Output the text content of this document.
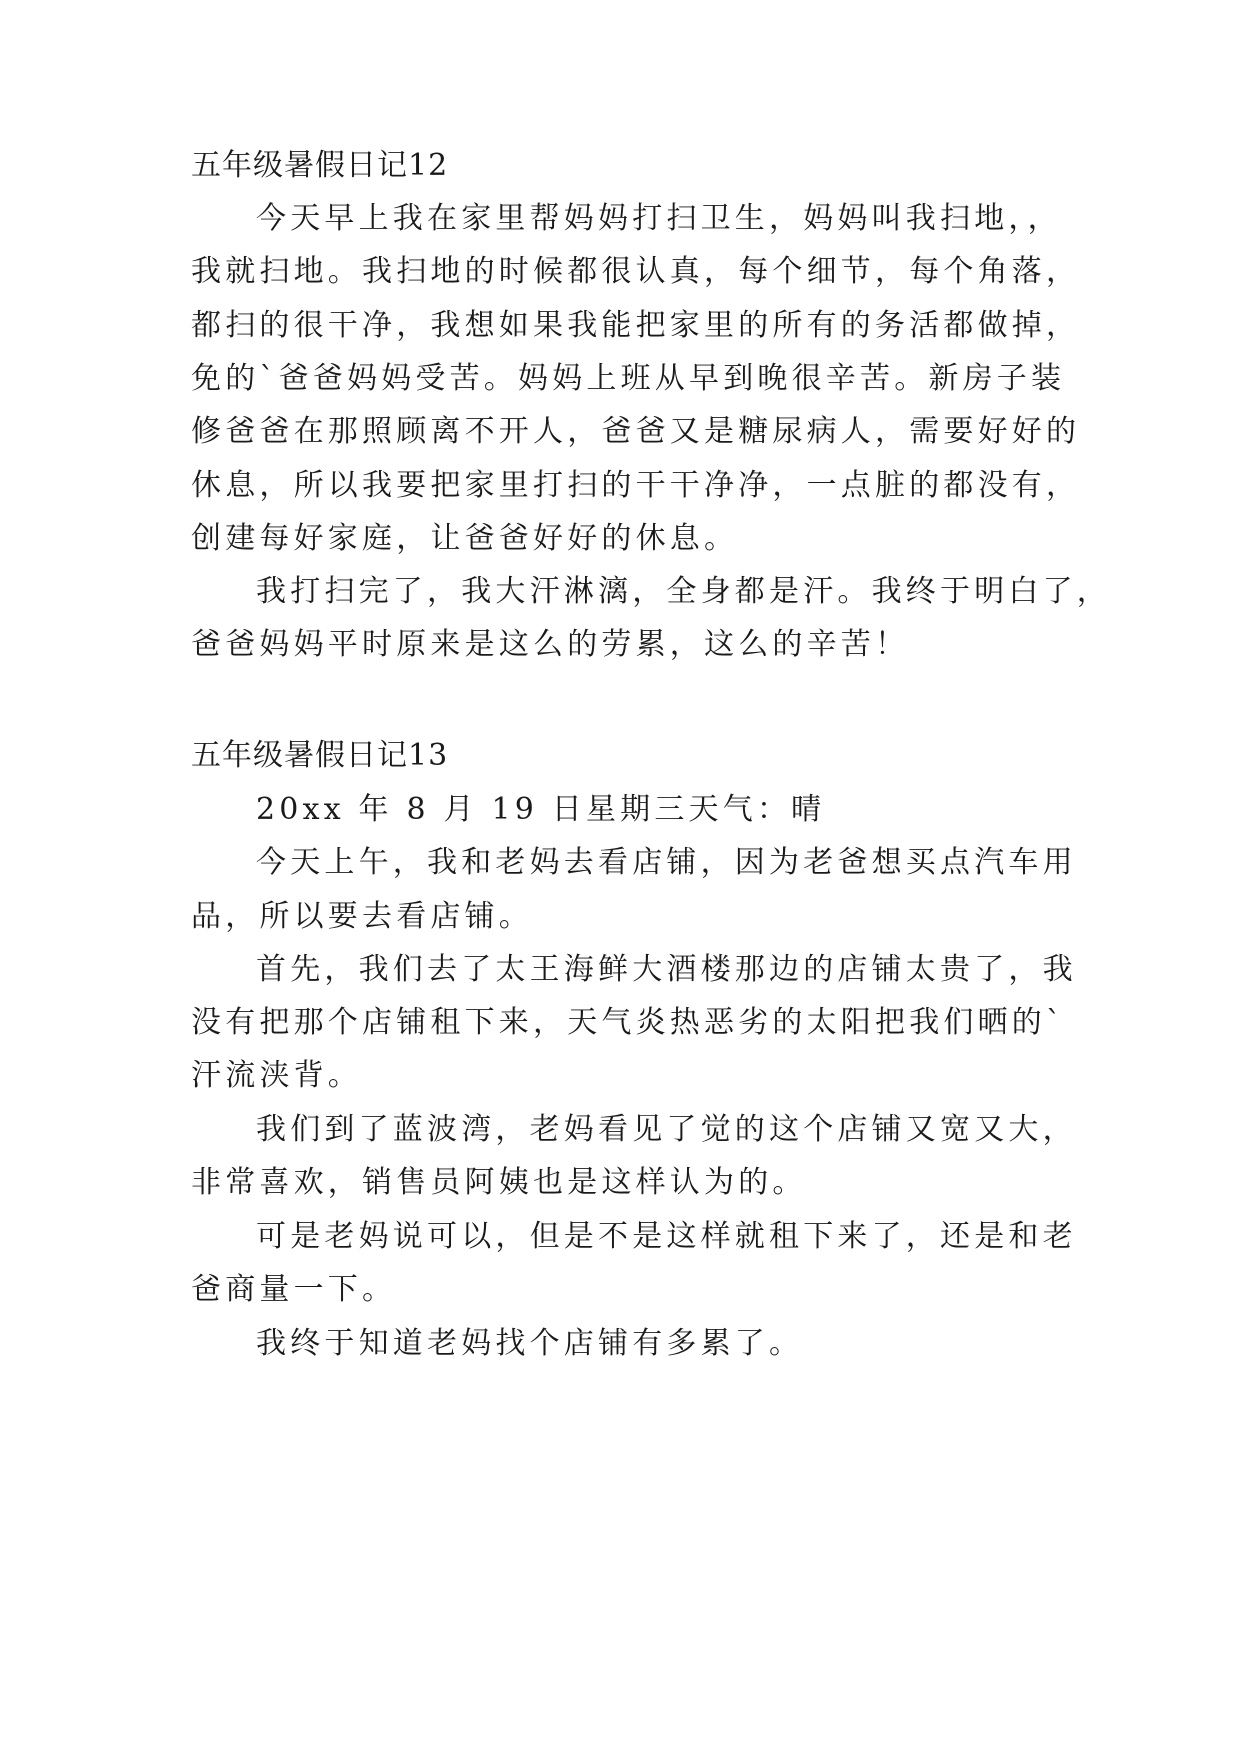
五年级暑假日记12

今天早上我在家里帮妈妈打扫卫生，妈妈叫我扫地，，

我就扫地。我扫地的时候都很认真，每个细节，每个角落，

都扫的很干净，我想如果我能把家里的所有的务活都做掉，

免的`爸爸妈妈受苦。妈妈上班从早到晚很辛苦。新房子装

修爸爸在那照顾离不开人，爸爸又是糖尿病人，需要好好的

休息，所以我要把家里打扫的干干净净，一点脏的都没有，

创建每好家庭，让爸爸好好的休息。

我打扫完了，我大汗淋漓，全身都是汗。我终于明白了，

爸爸妈妈平时原来是这么的劳累，这么的辛苦！

五年级暑假日记13

20xx 年 8 月 19 日星期三天气：晴

今天上午，我和老妈去看店铺，因为老爸想买点汽车用

品，所以要去看店铺。

首先，我们去了太王海鲜大酒楼那边的店铺太贵了，我

没有把那个店铺租下来，天气炎热恶劣的太阳把我们晒的`

汗流浃背。

我们到了蓝波湾，老妈看见了觉的这个店铺又宽又大，

非常喜欢，销售员阿姨也是这样认为的。

可是老妈说可以，但是不是这样就租下来了，还是和老

爸商量一下。

我终于知道老妈找个店铺有多累了。
